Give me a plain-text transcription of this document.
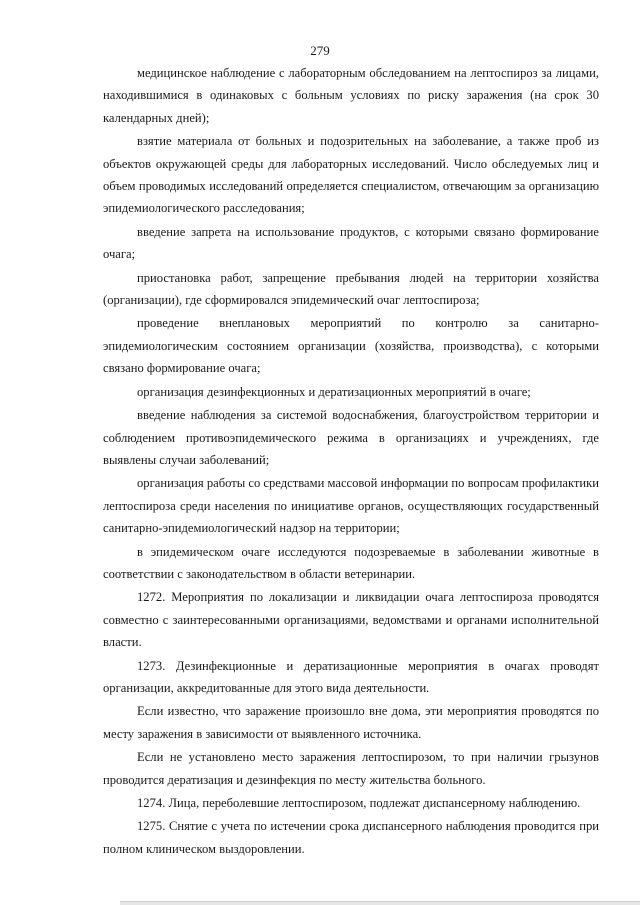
279

медицинское наблюдение с лабораторным обследованием на лептоспироз за лицами, находившимися в одинаковых с больным условиях по риску заражения (на срок 30 календарных дней);

взятие материала от больных и подозрительных на заболевание, а также проб из объектов окружающей среды для лабораторных исследований. Число обследуемых лиц и объем проводимых исследований определяется специалистом, отвечающим за организацию эпидемиологического расследования;

введение запрета на использование продуктов, с которыми связано формирование очага;

приостановка работ, запрещение пребывания людей на территории хозяйства (организации), где сформировался эпидемический очаг лептоспироза;

проведение внеплановых мероприятий по контролю за санитарно-эпидемиологическим состоянием организации (хозяйства, производства), с которыми связано формирование очага;

организация дезинфекционных и дератизационных мероприятий в очаге;

введение наблюдения за системой водоснабжения, благоустройством территории и соблюдением противоэпидемического режима в организациях и учреждениях, где выявлены случаи заболеваний;

организация работы со средствами массовой информации по вопросам профилактики лептоспироза среди населения по инициативе органов, осуществляющих государственный санитарно-эпидемиологический надзор на территории;

в эпидемическом очаге исследуются подозреваемые в заболевании животные в соответствии с законодательством в области ветеринарии.

1272. Мероприятия по локализации и ликвидации очага лептоспироза проводятся совместно с заинтересованными организациями, ведомствами и органами исполнительной власти.

1273. Дезинфекционные и дератизационные мероприятия в очагах проводят организации, аккредитованные для этого вида деятельности.

Если известно, что заражение произошло вне дома, эти мероприятия проводятся по месту заражения в зависимости от выявленного источника.

Если не установлено место заражения лептоспирозом, то при наличии грызунов проводится дератизация и дезинфекция по месту жительства больного.

1274. Лица, переболевшие лептоспирозом, подлежат диспансерному наблюдению.

1275. Снятие с учета по истечении срока диспансерного наблюдения проводится при полном клиническом выздоровлении.
